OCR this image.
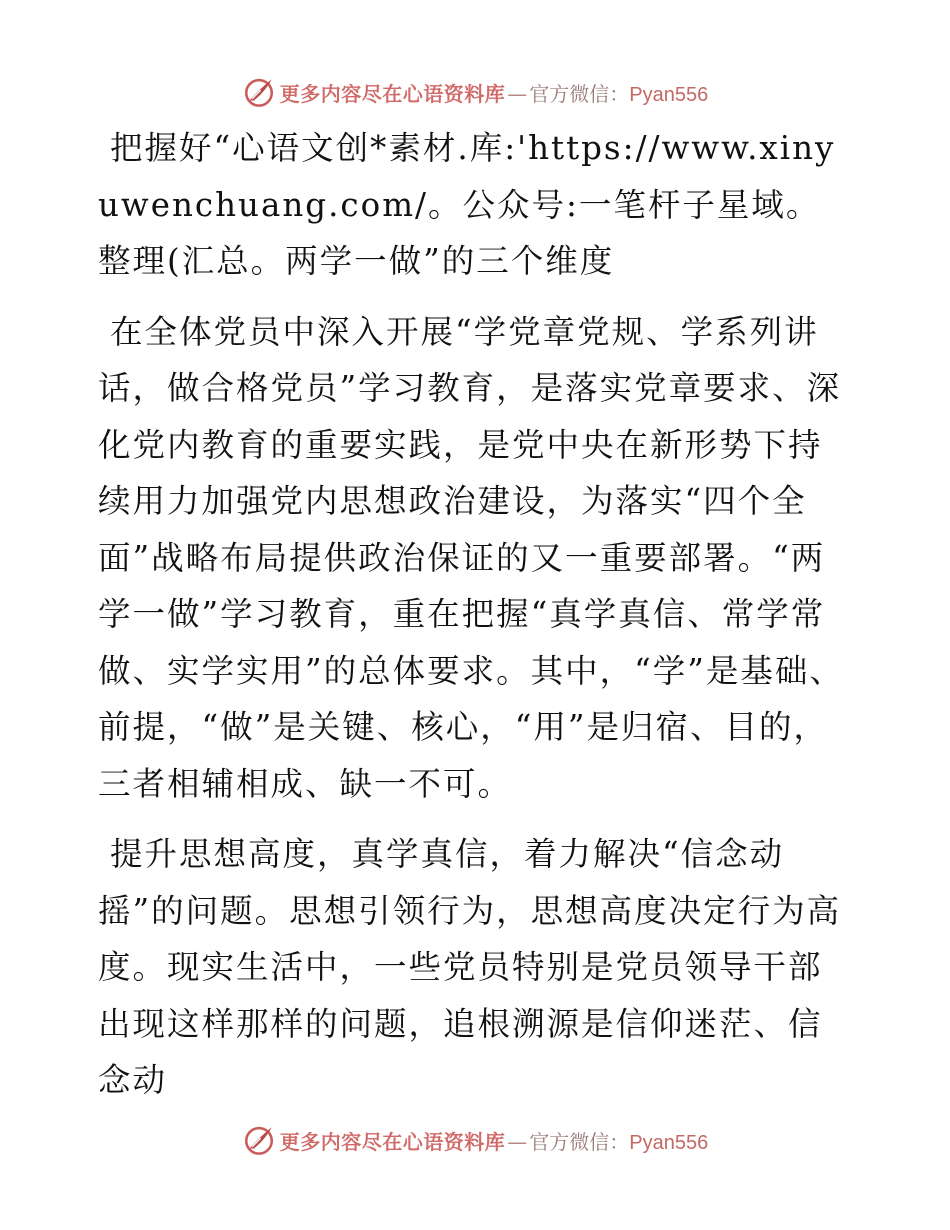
更多内容尽在心语资料库 — 官方微信： Pyan556

把握好“心语文创*素材.库:'https://www.xinyuwenchuang.com/。公众号:一笔杆子星域。整理(汇总。两学一做”的三个维度

在全体党员中深入开展“学党章党规、学系列讲话，做合格党员”学习教育，是落实党章要求、深化党内教育的重要实践，是党中央在新形势下持续用力加强党内思想政治建设，为落实“四个全面”战略布局提供政治保证的又一重要部署。“两学一做”学习教育，重在把握“真学真信、常学常做、实学实用”的总体要求。其中，“学”是基础、前提，“做”是关键、核心，“用”是归宿、目的，三者相辅相成、缺一不可。

提升思想高度，真学真信，着力解决“信念动摇”的问题。思想引领行为，思想高度决定行为高度。现实生活中，一些党员特别是党员领导干部出现这样那样的问题，追根溯源是信仰迷茫、信念动

更多内容尽在心语资料库 — 官方微信： Pyan556
